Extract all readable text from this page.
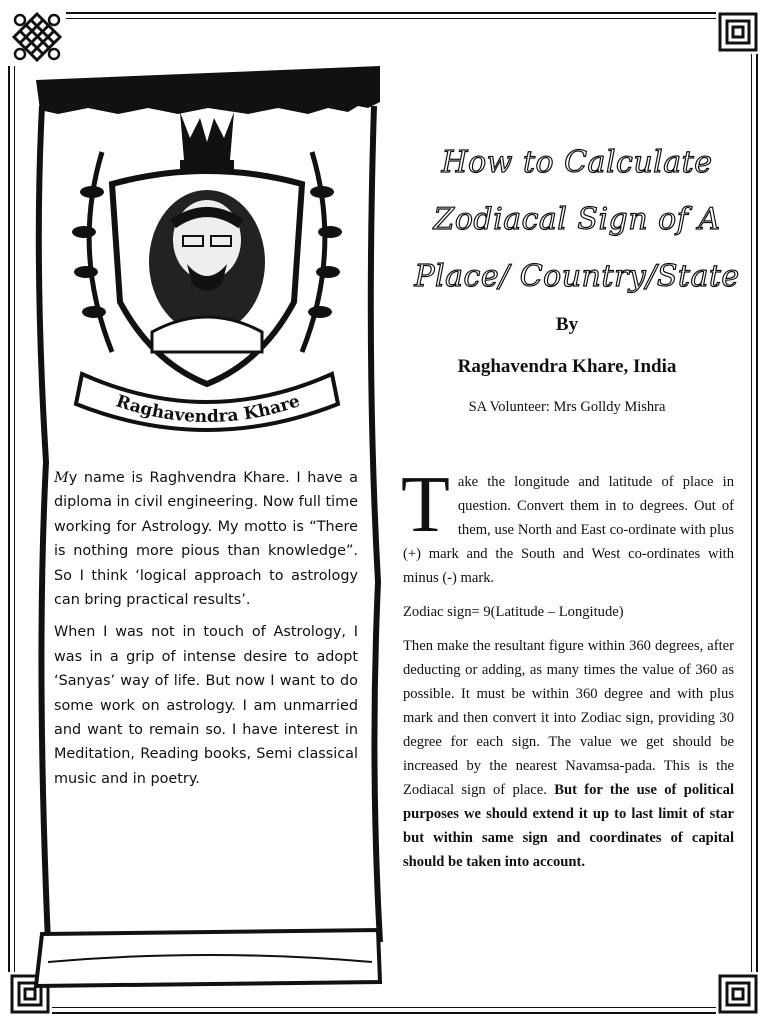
Raghavendra Khare

My name is Raghvendra Khare. I have a diploma in civil engineering. Now full time working for Astrology. My motto is “There is nothing more pious than knowledge”. So I think ‘logical approach to astrology can bring practical results’.

When I was not in touch of Astrology, I was in a grip of intense desire to adopt ‘Sanyas’ way of life. But now I want to do some work on astrology. I am unmarried and want to remain so. I have interest in Meditation, Reading books, Semi classical music and in poetry.

How to Calculate Zodiacal Sign of A Place/ Country/State
By
Raghavendra Khare, India
SA Volunteer: Mrs Golldy Mishra

Take the longitude and latitude of place in question. Convert them in to degrees. Out of them, use North and East co-ordinate with plus (+) mark and the South and West co-ordinates with minus (-) mark.

Zodiac sign= 9(Latitude – Longitude)

Then make the resultant figure within 360 degrees, after deducting or adding, as many times the value of 360 as possible. It must be within 360 degree and with plus mark and then convert it into Zodiac sign, providing 30 degree for each sign. The value we get should be increased by the nearest Navamsa-pada. This is the Zodiacal sign of place. But for the use of political purposes we should extend it up to last limit of star but within same sign and coordinates of capital should be taken into account.
